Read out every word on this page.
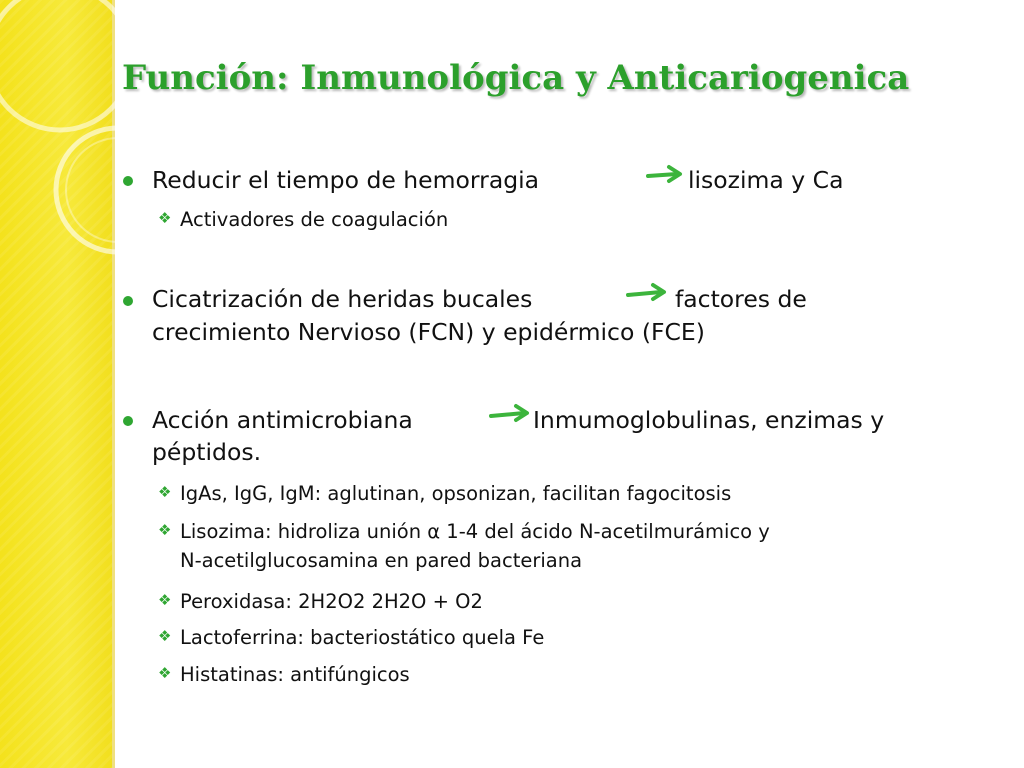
Función: Inmunológica y Anticariogenica
Reducir el tiempo de hemorragia	lisozima y Ca
❖ Activadores de coagulación
Cicatrización de heridas bucales	factores de
crecimiento Nervioso (FCN) y epidérmico (FCE)
Acción antimicrobiana	Inmumoglobulinas, enzimas y
péptidos.
❖ IgAs, IgG, IgM: aglutinan, opsonizan, facilitan fagocitosis
❖ Lisozima: hidroliza unión α 1-4 del ácido N-acetilmurámico y
N-acetilglucosamina en pared bacteriana
❖ Peroxidasa: 2H2O2 2H2O + O2
❖ Lactoferrina: bacteriostático quela Fe
❖ Histatinas: antifúngicos
